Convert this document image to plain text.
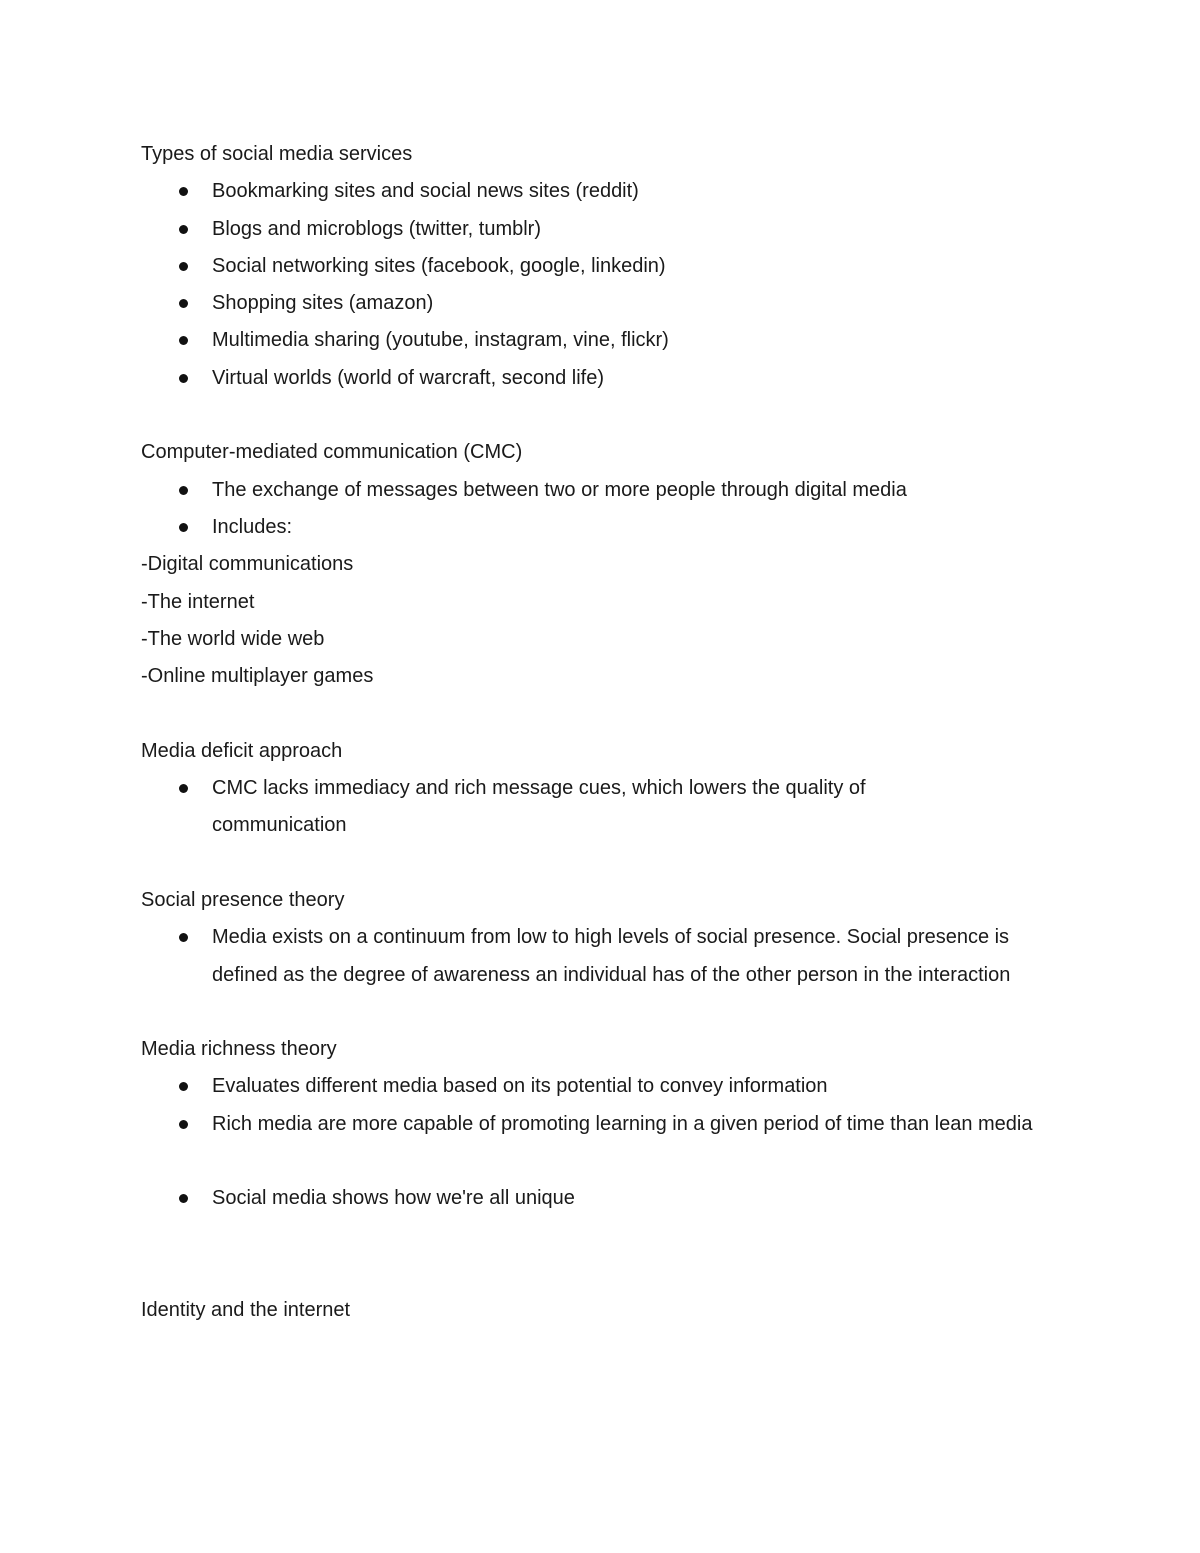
Types of social media services

Bookmarking sites and social news sites (reddit)
Blogs and microblogs (twitter, tumblr)
Social networking sites (facebook, google, linkedin)
Shopping sites (amazon)
Multimedia sharing (youtube, instagram, vine, flickr)
Virtual worlds (world of warcraft, second life)

Computer-mediated communication (CMC)

The exchange of messages between two or more people through digital media
Includes:

-Digital communications

-The internet

-The world wide web

-Online multiplayer games

Media deficit approach

CMC lacks immediacy and rich message cues, which lowers the quality of communication

Social presence theory

Media exists on a continuum from low to high levels of social presence. Social presence is defined as the degree of awareness an individual has of the other person in the interaction

Media richness theory

Evaluates different media based on its potential to convey information
Rich media are more capable of promoting learning in a given period of time than lean media
Social media shows how we're all unique

Identity and the internet
